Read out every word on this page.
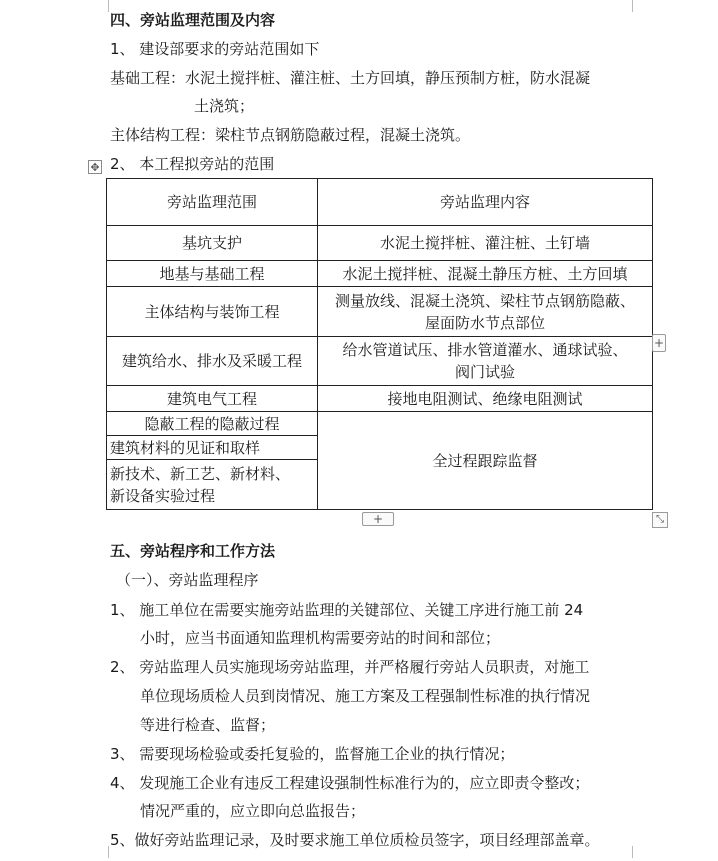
四、旁站监理范围及内容
1、 建设部要求的旁站范围如下
基础工程：水泥土搅拌桩、灌注桩、土方回填，静压预制方桩，防水混凝
土浇筑；
主体结构工程：梁柱节点钢筋隐蔽过程，混凝土浇筑。
2、 本工程拟旁站的范围
✥
旁站监理范围	旁站监理内容
基坑支护	水泥土搅拌桩、灌注桩、土钉墙
地基与基础工程	水泥土搅拌桩、混凝土静压方桩、土方回填
主体结构与装饰工程	测量放线、混凝土浇筑、梁柱节点钢筋隐蔽、
屋面防水节点部位

建筑给水、排水及采暖工程	给水管道试压、排水管道灌水、通球试验、
阀门试验

建筑电气工程	接地电阻测试、绝缘电阻测试
隐蔽工程的隐蔽过程	全过程跟踪监督
建筑材料的见证和取样	

新技术、新工艺、新材料、
新设备实验过程	
+
+	⤡
五、旁站程序和工作方法
（一）、旁站监理程序
1、 施工单位在需要实施旁站监理的关键部位、关键工序进行施工前 24
小时，应当书面通知监理机构需要旁站的时间和部位；
2、 旁站监理人员实施现场旁站监理，并严格履行旁站人员职责，对施工
单位现场质检人员到岗情况、施工方案及工程强制性标准的执行情况
等进行检查、监督；
3、 需要现场检验或委托复验的，监督施工企业的执行情况；
4、 发现施工企业有违反工程建设强制性标准行为的，应立即责令整改；
情况严重的，应立即向总监报告；
5、做好旁站监理记录，及时要求施工单位质检员签字，项目经理部盖章。
